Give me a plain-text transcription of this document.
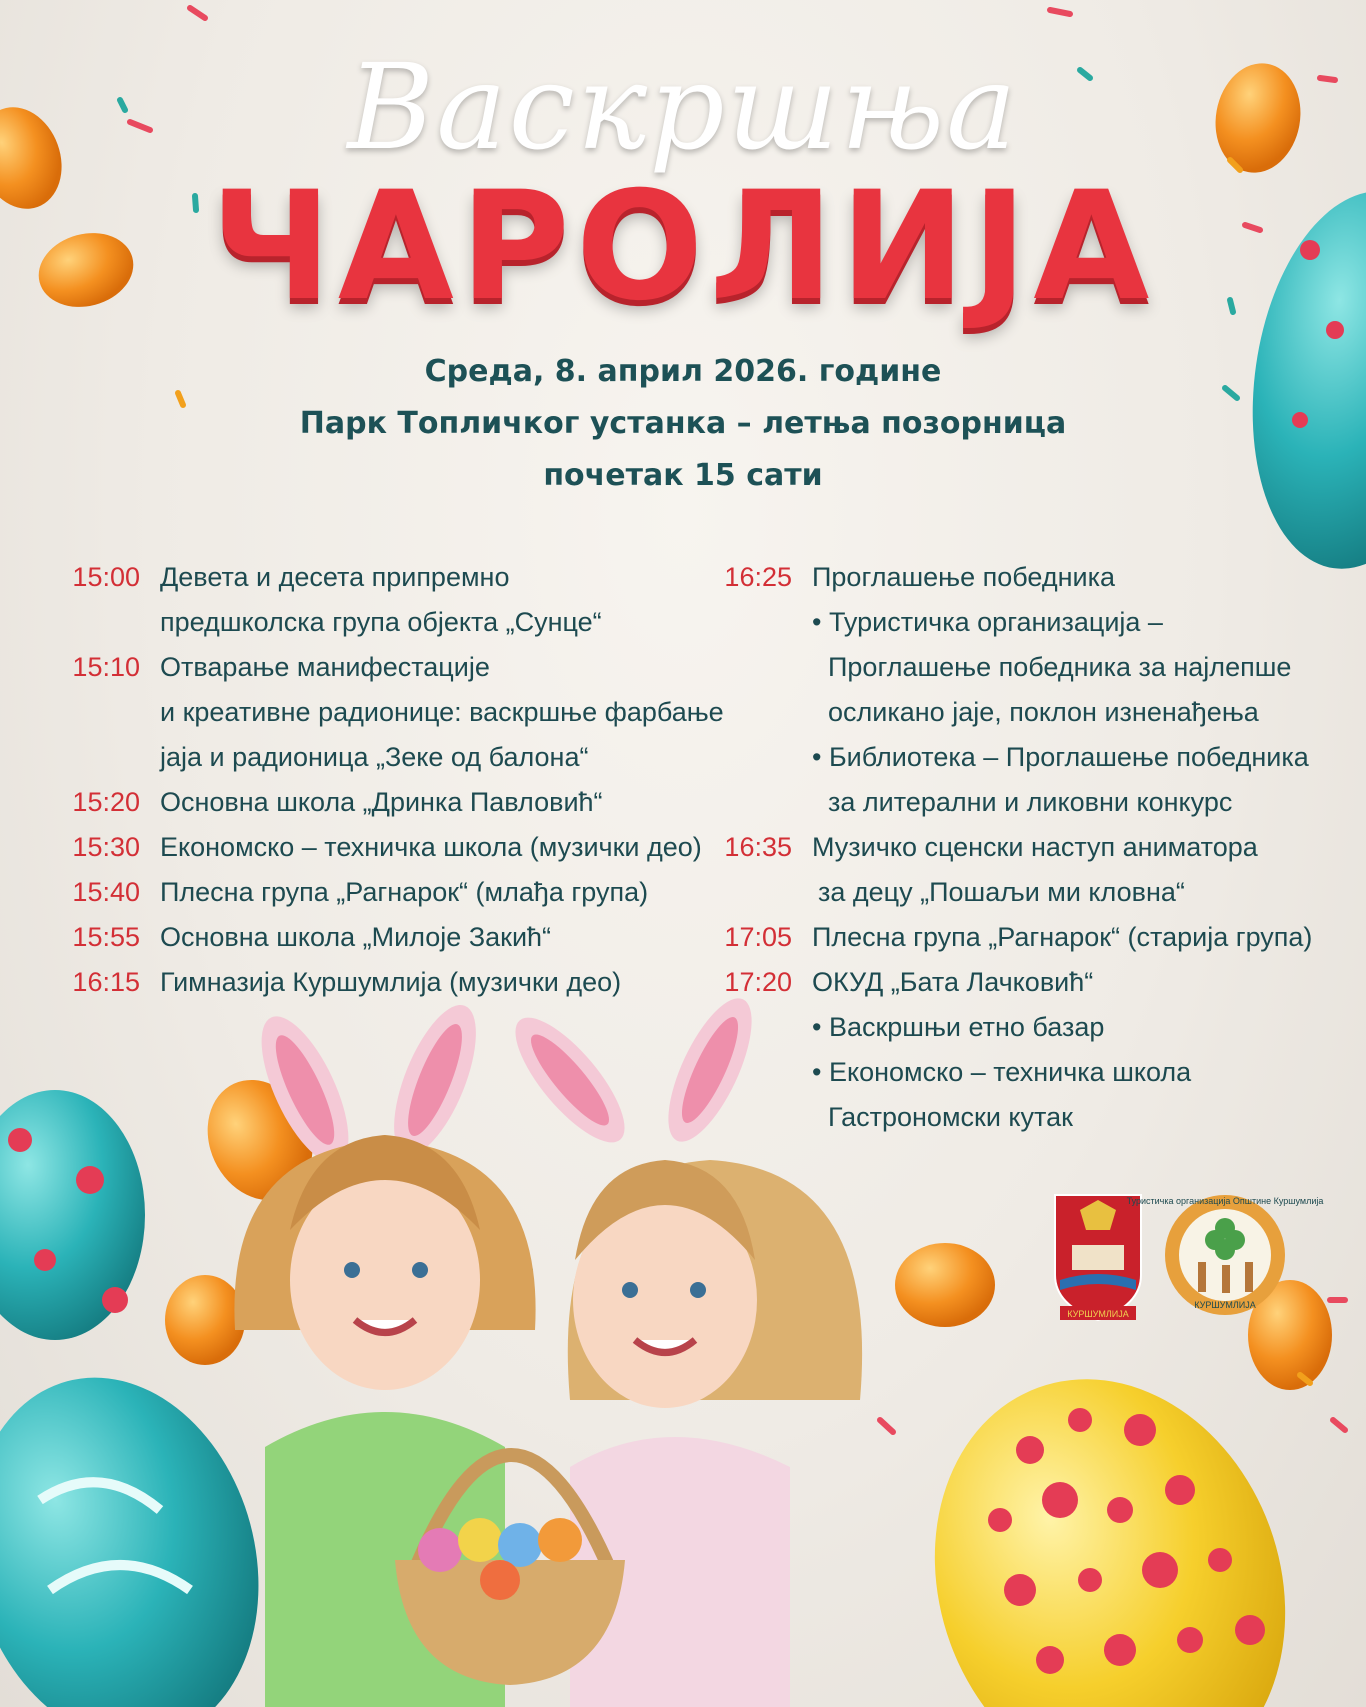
Васкршња
ЧАРОЛИЈА
Среда, 8. април 2026. године
Парк Топличког устанка – летња позорница
почетак 15 сати
15:00 Девета и десета припремно
предшколска група објекта „Сунце“
15:10 Отварање манифестације
и креативне радионице: васкршње фарбање
јаја и радионица „Зеке од балона“
15:20 Основна школа „Дринка Павловић“
15:30 Економско – техничка школа (музички део)
15:40 Плесна група „Рагнарок“ (млађа група)
15:55 Основна школа „Милоје Закић“
16:15 Гимназија Куршумлија (музички део)
16:25 Проглашење победника
• Туристичка организација –
Проглашење победника за најлепше
осликано јаје, поклон изненађења
• Библиотека – Проглашење победника
за литерални и ликовни конкурс
16:35 Музичко сценски наступ аниматора
за децу „Пошаљи ми кловна“
17:05 Плесна група „Рагнарок“ (старија група)
17:20 ОКУД „Бата Лачковић“
• Васкршњи етно базар
• Економско – техничка школа
Гастрономски кутак
КУРШУМЛИЈА
Туристичка организација Општине Куршумлија
КУРШУМЛИЈА
